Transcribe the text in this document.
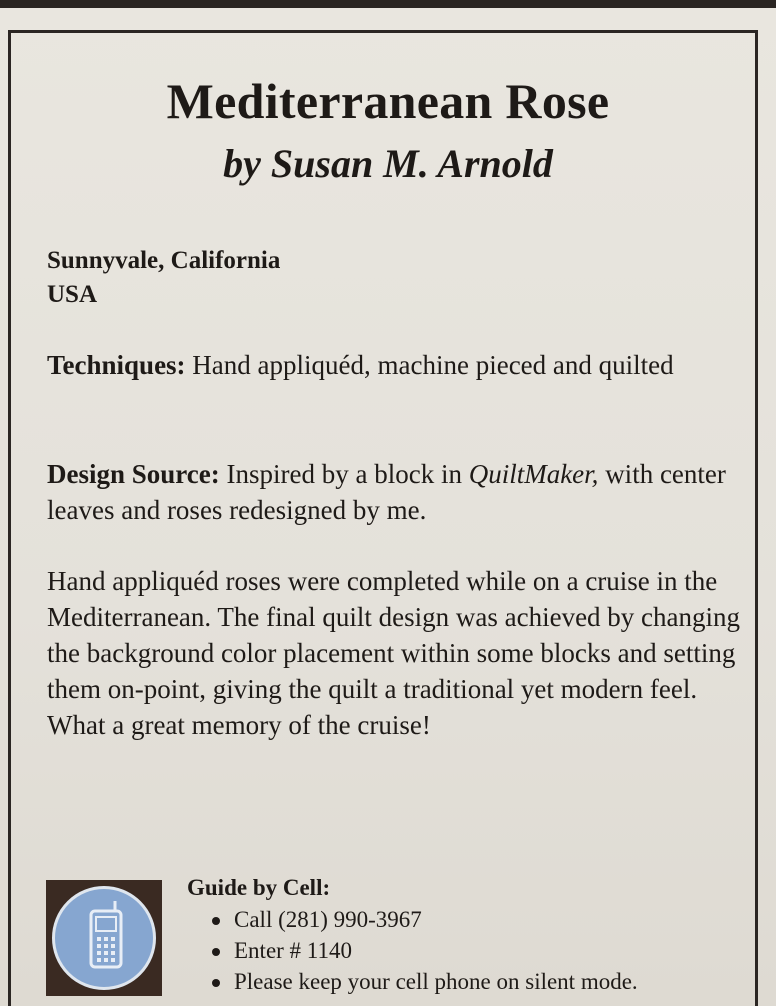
Mediterranean Rose
by Susan M. Arnold
Sunnyvale, California
USA

Techniques: Hand appliquéd, machine pieced and quilted

Design Source: Inspired by a block in QuiltMaker, with center leaves and roses redesigned by me.

Hand appliquéd roses were completed while on a cruise in the Mediterranean. The final quilt design was achieved by changing the background color placement within some blocks and setting them on-point, giving the quilt a traditional yet modern feel. What a great memory of the cruise!

Guide by Cell:
Call (281) 990-3967
Enter # 1140
Please keep your cell phone on silent mode.
